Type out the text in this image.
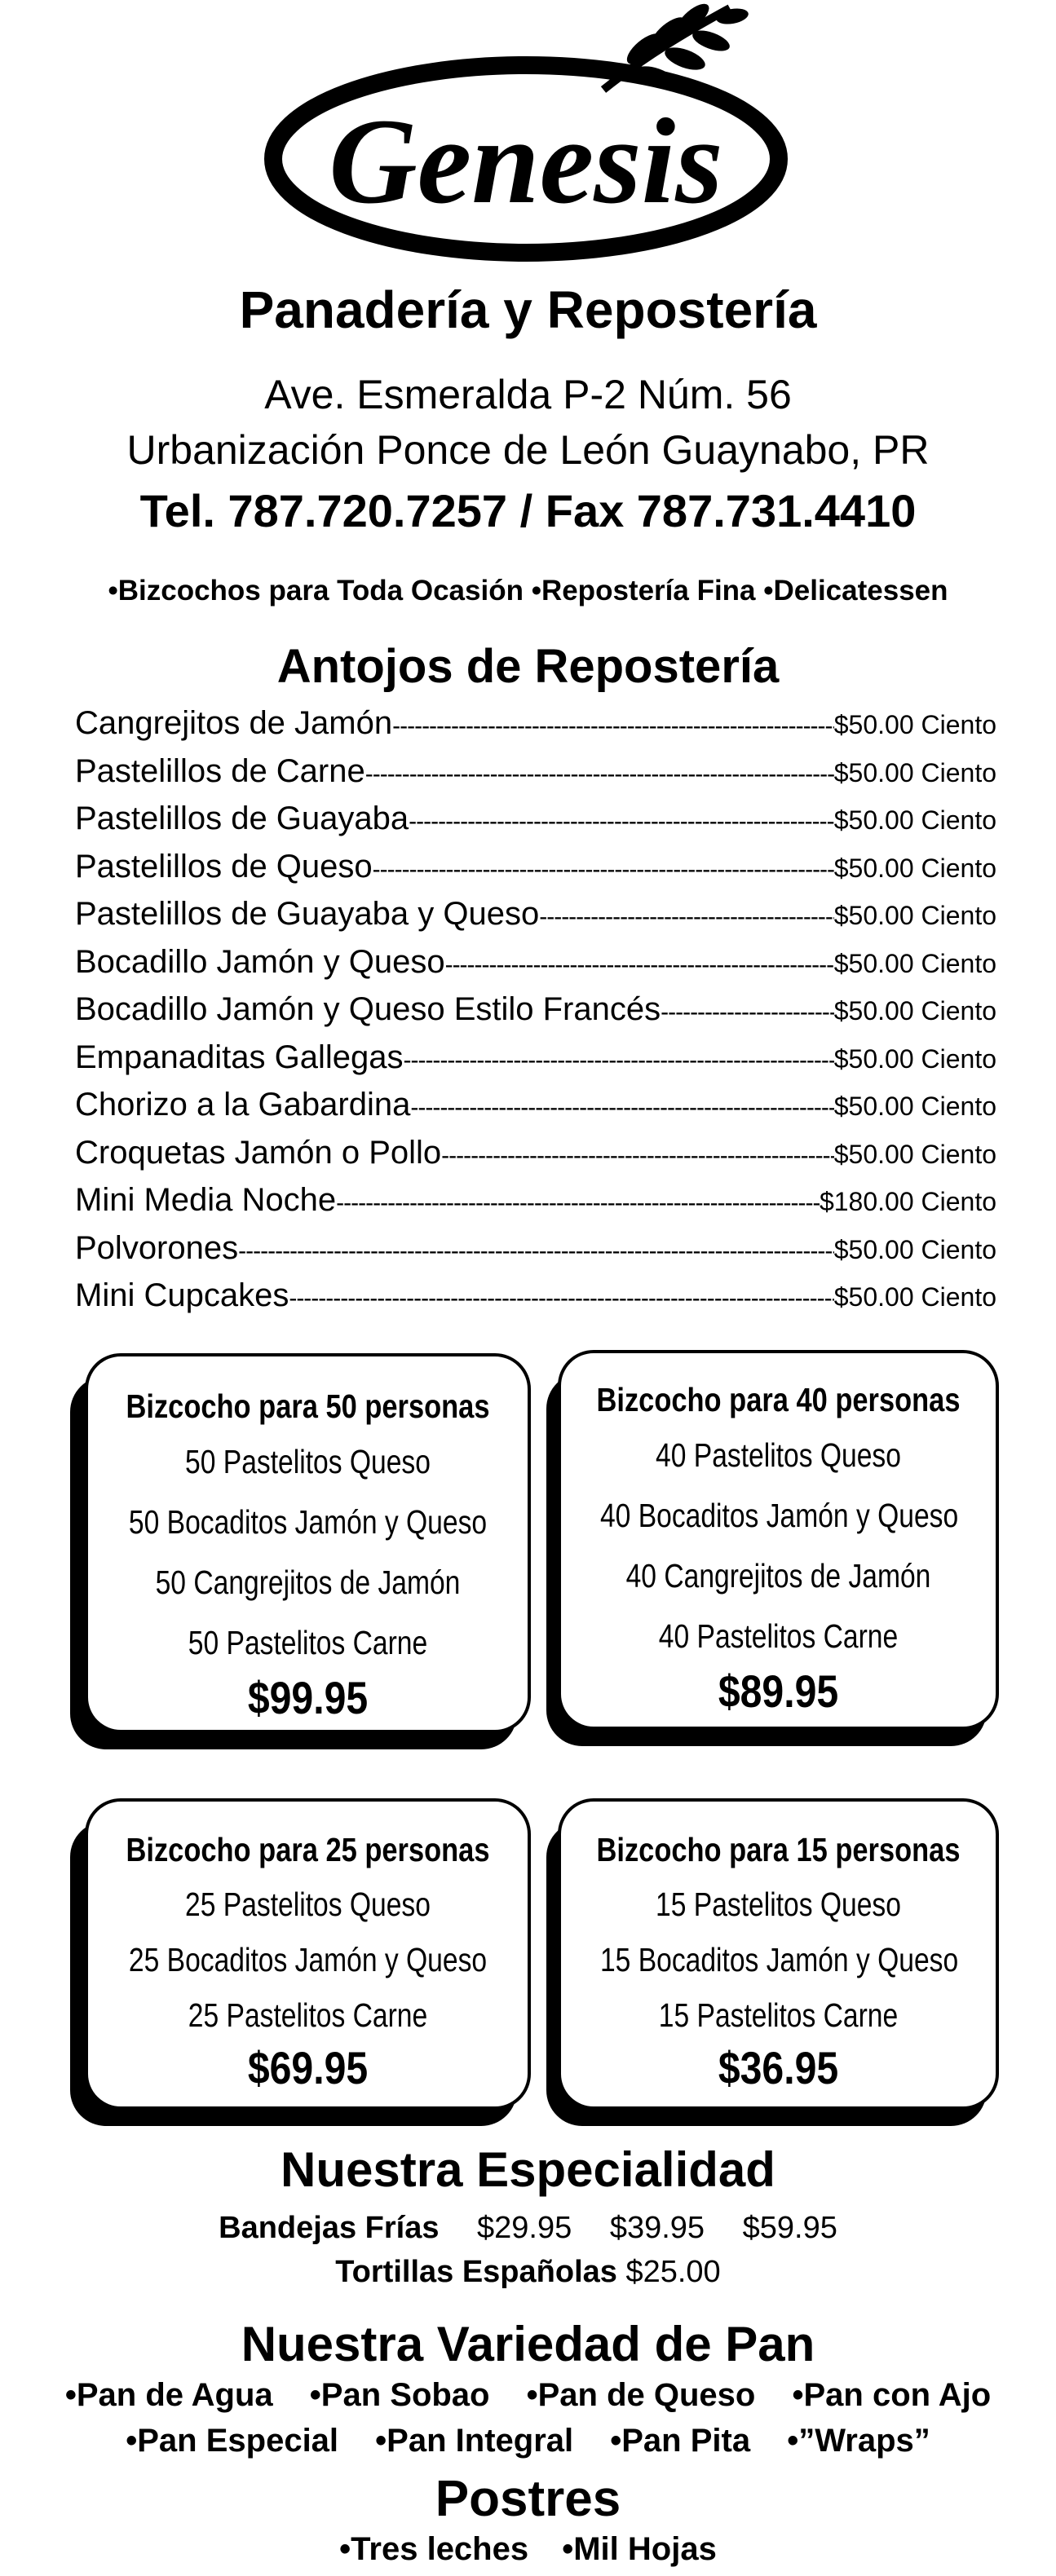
Genesis
Panadería y Repostería
Ave. Esmeralda P-2 Núm. 56
Urbanización Ponce de León Guaynabo, PR
Tel. 787.720.7257 / Fax 787.731.4410
•Bizcochos para Toda Ocasión •Repostería Fina •Delicatessen
Antojos de Repostería
Cangrejitos de Jamón -----	$50.00 Ciento
Pastelillos de Carne -----	$50.00 Ciento
Pastelillos de Guayaba -----	$50.00 Ciento
Pastelillos de Queso -----	$50.00 Ciento
Pastelillos de Guayaba y Queso -----	$50.00 Ciento
Bocadillo Jamón y Queso -----	$50.00 Ciento
Bocadillo Jamón y Queso Estilo Francés -----	$50.00 Ciento
Empanaditas Gallegas -----	$50.00 Ciento
Chorizo a la Gabardina -----	$50.00 Ciento
Croquetas Jamón o Pollo -----	$50.00 Ciento
Mini Media Noche -----	$180.00 Ciento
Polvorones -----	$50.00 Ciento
Mini Cupcakes -----	$50.00 Ciento
Bizcocho para 50 personas
50 Pastelitos Queso
50 Bocaditos Jamón y Queso
50 Cangrejitos de Jamón
50 Pastelitos Carne
$99.95
Bizcocho para 40 personas
40 Pastelitos Queso
40 Bocaditos Jamón y Queso
40 Cangrejitos de Jamón
40 Pastelitos Carne
$89.95
Bizcocho para 25 personas
25 Pastelitos Queso
25 Bocaditos Jamón y Queso
25 Pastelitos Carne
$69.95
Bizcocho para 15 personas
15 Pastelitos Queso
15 Bocaditos Jamón y Queso
15 Pastelitos Carne
$36.95
Nuestra Especialidad
Bandejas Frías $29.95 $39.95 $59.95
Tortillas Españolas $25.00
Nuestra Variedad de Pan
•Pan de Agua •Pan Sobao •Pan de Queso •Pan con Ajo
•Pan Especial •Pan Integral •Pan Pita •”Wraps”
Postres
•Tres leches •Mil Hojas
